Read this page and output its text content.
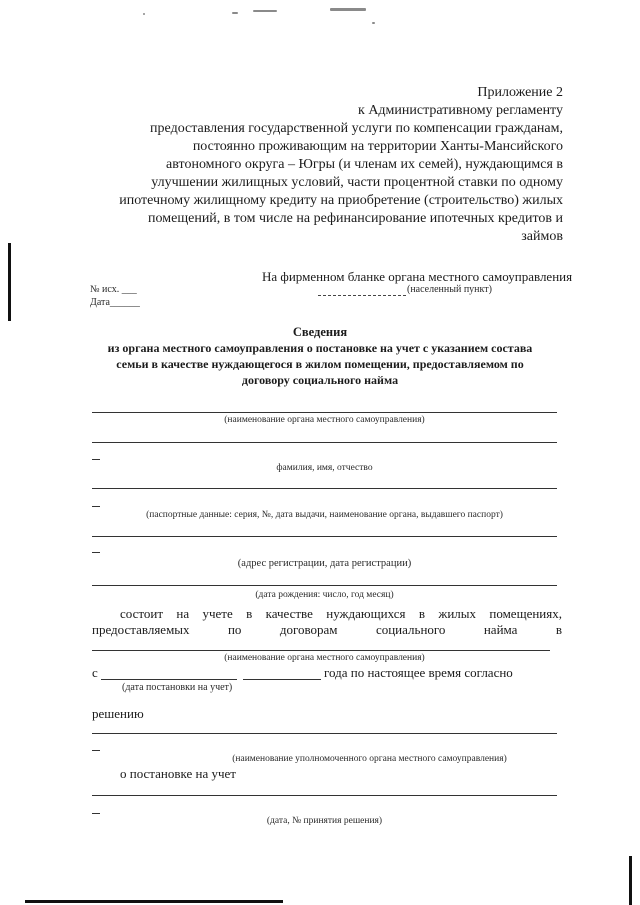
Приложение 2
к Административному регламенту
предоставления государственной услуги по компенсации гражданам,
постоянно проживающим на территории Ханты-Мансийского
автономного округа – Югры (и членам их семей), нуждающимся в
улучшении жилищных условий, части процентной ставки по одному
ипотечному жилищному кредиту на приобретение (строительство) жилых
помещений, в том числе на рефинансирование ипотечных кредитов и
займов
На фирменном бланке органа местного самоуправления
№ исх. ___
Дата______
(населенный пункт)
Сведения
из органа местного самоуправления о постановке на учет с указанием состава
семьи в качестве нуждающегося в жилом помещении, предоставляемом по
договору социального найма
(наименование органа местного самоуправления)
фамилия, имя, отчество
(паспортные данные: серия, №, дата выдачи, наименование органа, выдавшего паспорт)
(адрес регистрации, дата регистрации)
(дата рождения: число, год месяц)
состоит на учете в качестве нуждающихся в жилых помещениях,
предоставляемых по договорам социального найма в
(наименование органа местного самоуправления)
с	года по настоящее время согласно
(дата постановки на учет)
решению
(наименование уполномоченного органа местного самоуправления)
о постановке на учет
(дата, № принятия решения)
